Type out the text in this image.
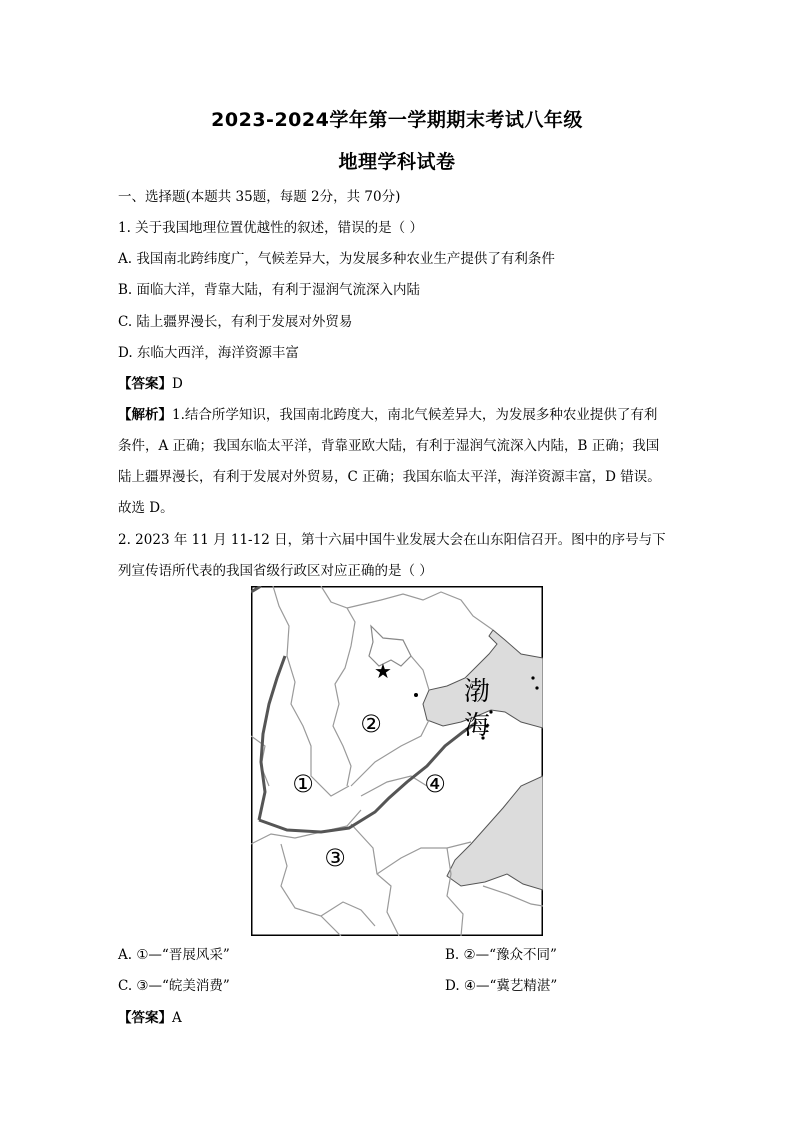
2023-2024学年第一学期期末考试八年级
地理学科试卷
一、选择题(本题共 35题，每题 2分，共 70分)
1. 关于我国地理位置优越性的叙述，错误的是（ ）
A. 我国南北跨纬度广，气候差异大，为发展多种农业生产提供了有利条件
B. 面临大洋，背靠大陆，有利于湿润气流深入内陆
C. 陆上疆界漫长，有利于发展对外贸易
D. 东临大西洋，海洋资源丰富
【答案】D
【解析】1.结合所学知识，我国南北跨度大，南北气候差异大，为发展多种农业提供了有利
条件，A 正确；我国东临太平洋，背靠亚欧大陆，有利于湿润气流深入内陆，B 正确；我国
陆上疆界漫长，有利于发展对外贸易，C 正确；我国东临太平洋，海洋资源丰富，D 错误。
故选 D。
2. 2023 年 11 月 11-12 日，第十六届中国牛业发展大会在山东阳信召开。图中的序号与下
列宣传语所代表的我国省级行政区对应正确的是（ ）
★
①
②
③
④
渤
海
A. ①—“晋展风采”	B. ②—“豫众不同”
C. ③—“皖美消费”	D. ④—“冀艺精湛”
【答案】A
